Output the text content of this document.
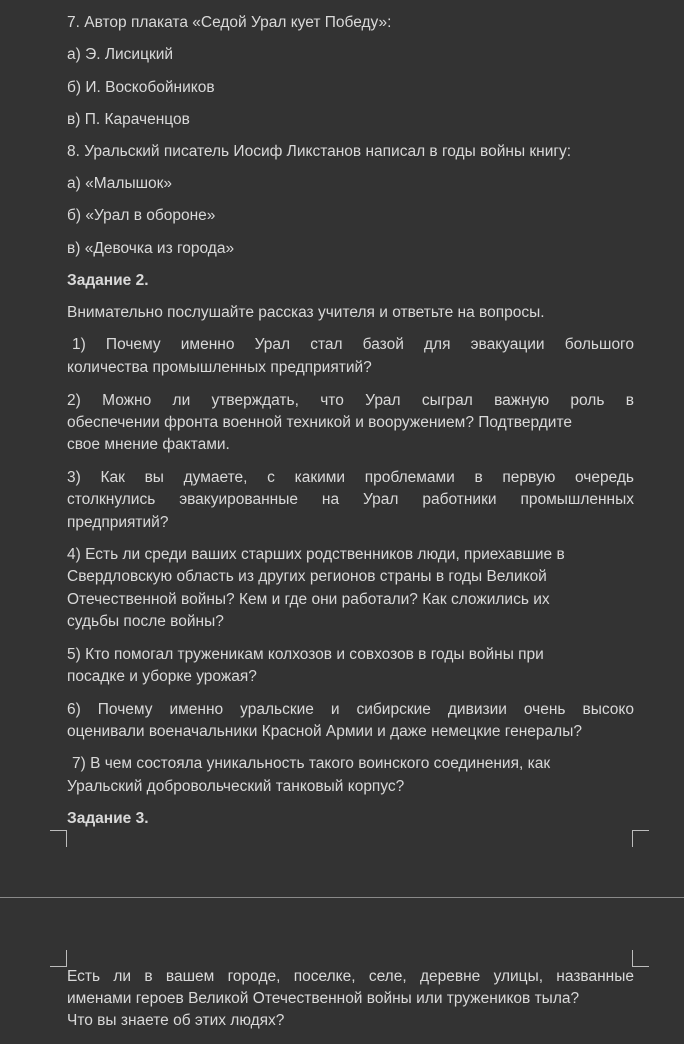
7. Автор плаката «Седой Урал кует Победу»:
а) Э. Лисицкий
б) И. Воскобойников
в) П. Караченцов
8. Уральский писатель Иосиф Ликстанов написал в годы войны книгу:
а) «Малышок»
б) «Урал в обороне»
в) «Девочка из города»
Задание 2.
Внимательно послушайте рассказ учителя и ответьте на вопросы.
1) Почему именно Урал стал базой для эвакуации большого
количества промышленных предприятий?
2) Можно ли утверждать, что Урал сыграл важную роль в
обеспечении фронта военной техникой и вооружением? Подтвердите
свое мнение фактами.
3) Как вы думаете, с какими проблемами в первую очередь
столкнулись эвакуированные на Урал работники промышленных
предприятий?
4) Есть ли среди ваших старших родственников люди, приехавшие в
Свердловскую область из других регионов страны в годы Великой
Отечественной войны? Кем и где они работали? Как сложились их
судьбы после войны?
5) Кто помогал труженикам колхозов и совхозов в годы войны при
посадке и уборке урожая?
6) Почему именно уральские и сибирские дивизии очень высоко
оценивали военачальники Красной Армии и даже немецкие генералы?
7) В чем состояла уникальность такого воинского соединения, как
Уральский добровольческий танковый корпус?
Задание 3.
Есть ли в вашем городе, поселке, селе, деревне улицы, названные
именами героев Великой Отечественной войны или тружеников тыла?
Что вы знаете об этих людях?
